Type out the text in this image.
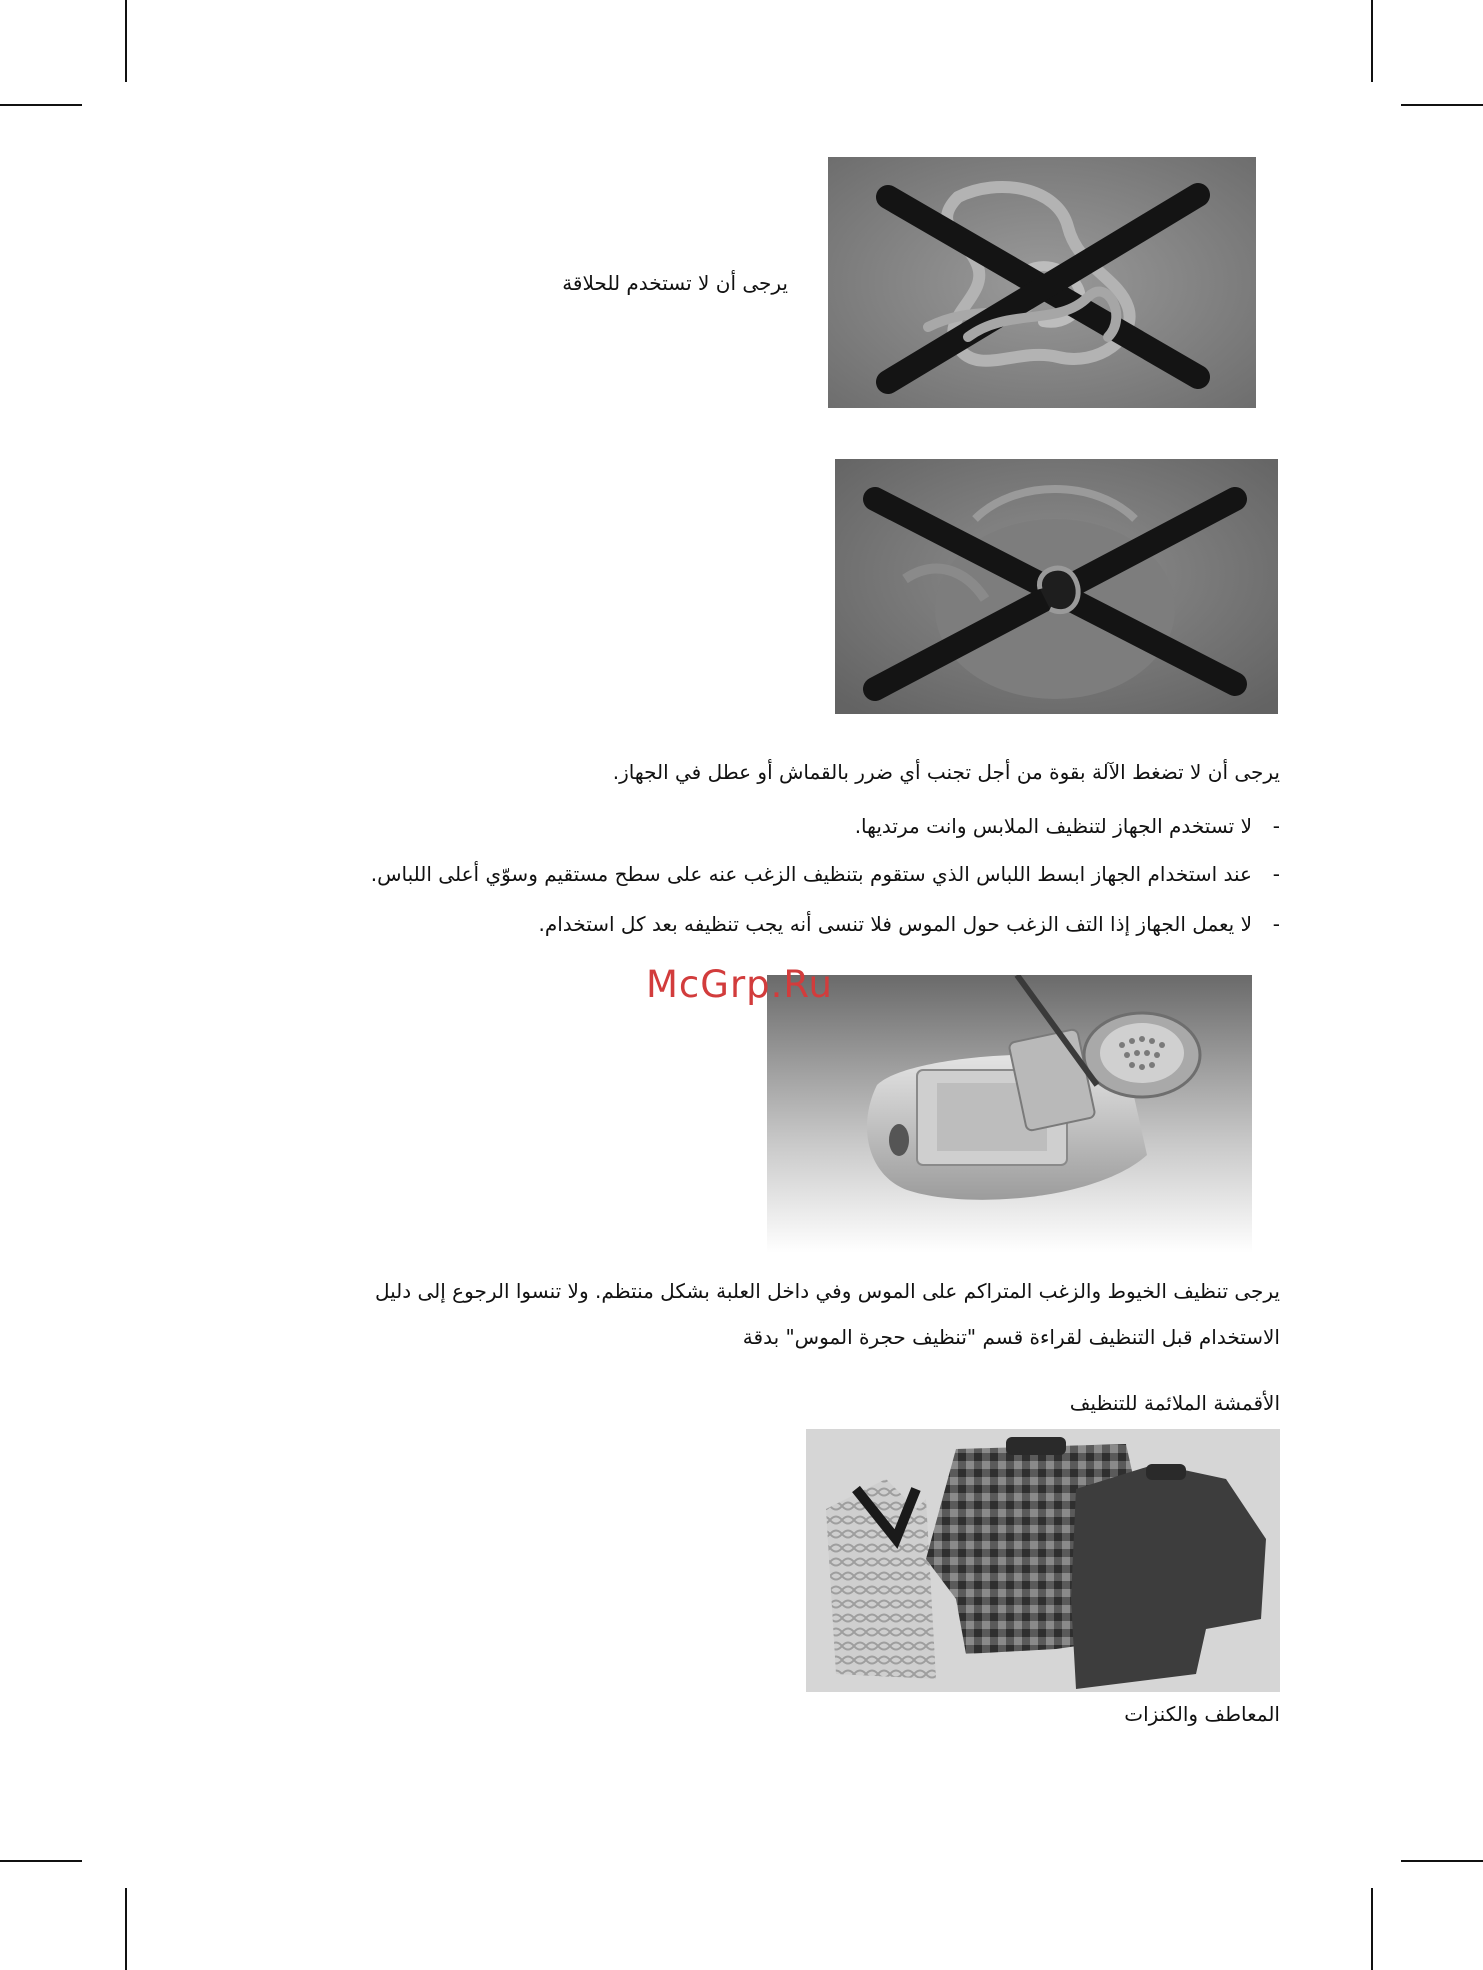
يرجى أن لا تستخدم للحلاقة
يرجى أن لا تضغط الآلة بقوة من أجل تجنب أي ضرر بالقماش أو عطل في الجهاز.
-لا تستخدم الجهاز لتنظيف الملابس وانت مرتديها.
-عند استخدام الجهاز ابسط اللباس الذي ستقوم بتنظيف الزغب عنه على سطح مستقيم وسوّي أعلى اللباس.
-لا يعمل الجهاز إذا التف الزغب حول الموس فلا تنسى أنه يجب تنظيفه بعد كل استخدام.
McGrp.Ru
يرجى تنظيف الخيوط والزغب المتراكم على الموس وفي داخل العلبة بشكل منتظم. ولا تنسوا الرجوع إلى دليل
الاستخدام قبل التنظيف لقراءة قسم "تنظيف حجرة الموس" بدقة
الأقمشة الملائمة للتنظيف
المعاطف والكنزات
